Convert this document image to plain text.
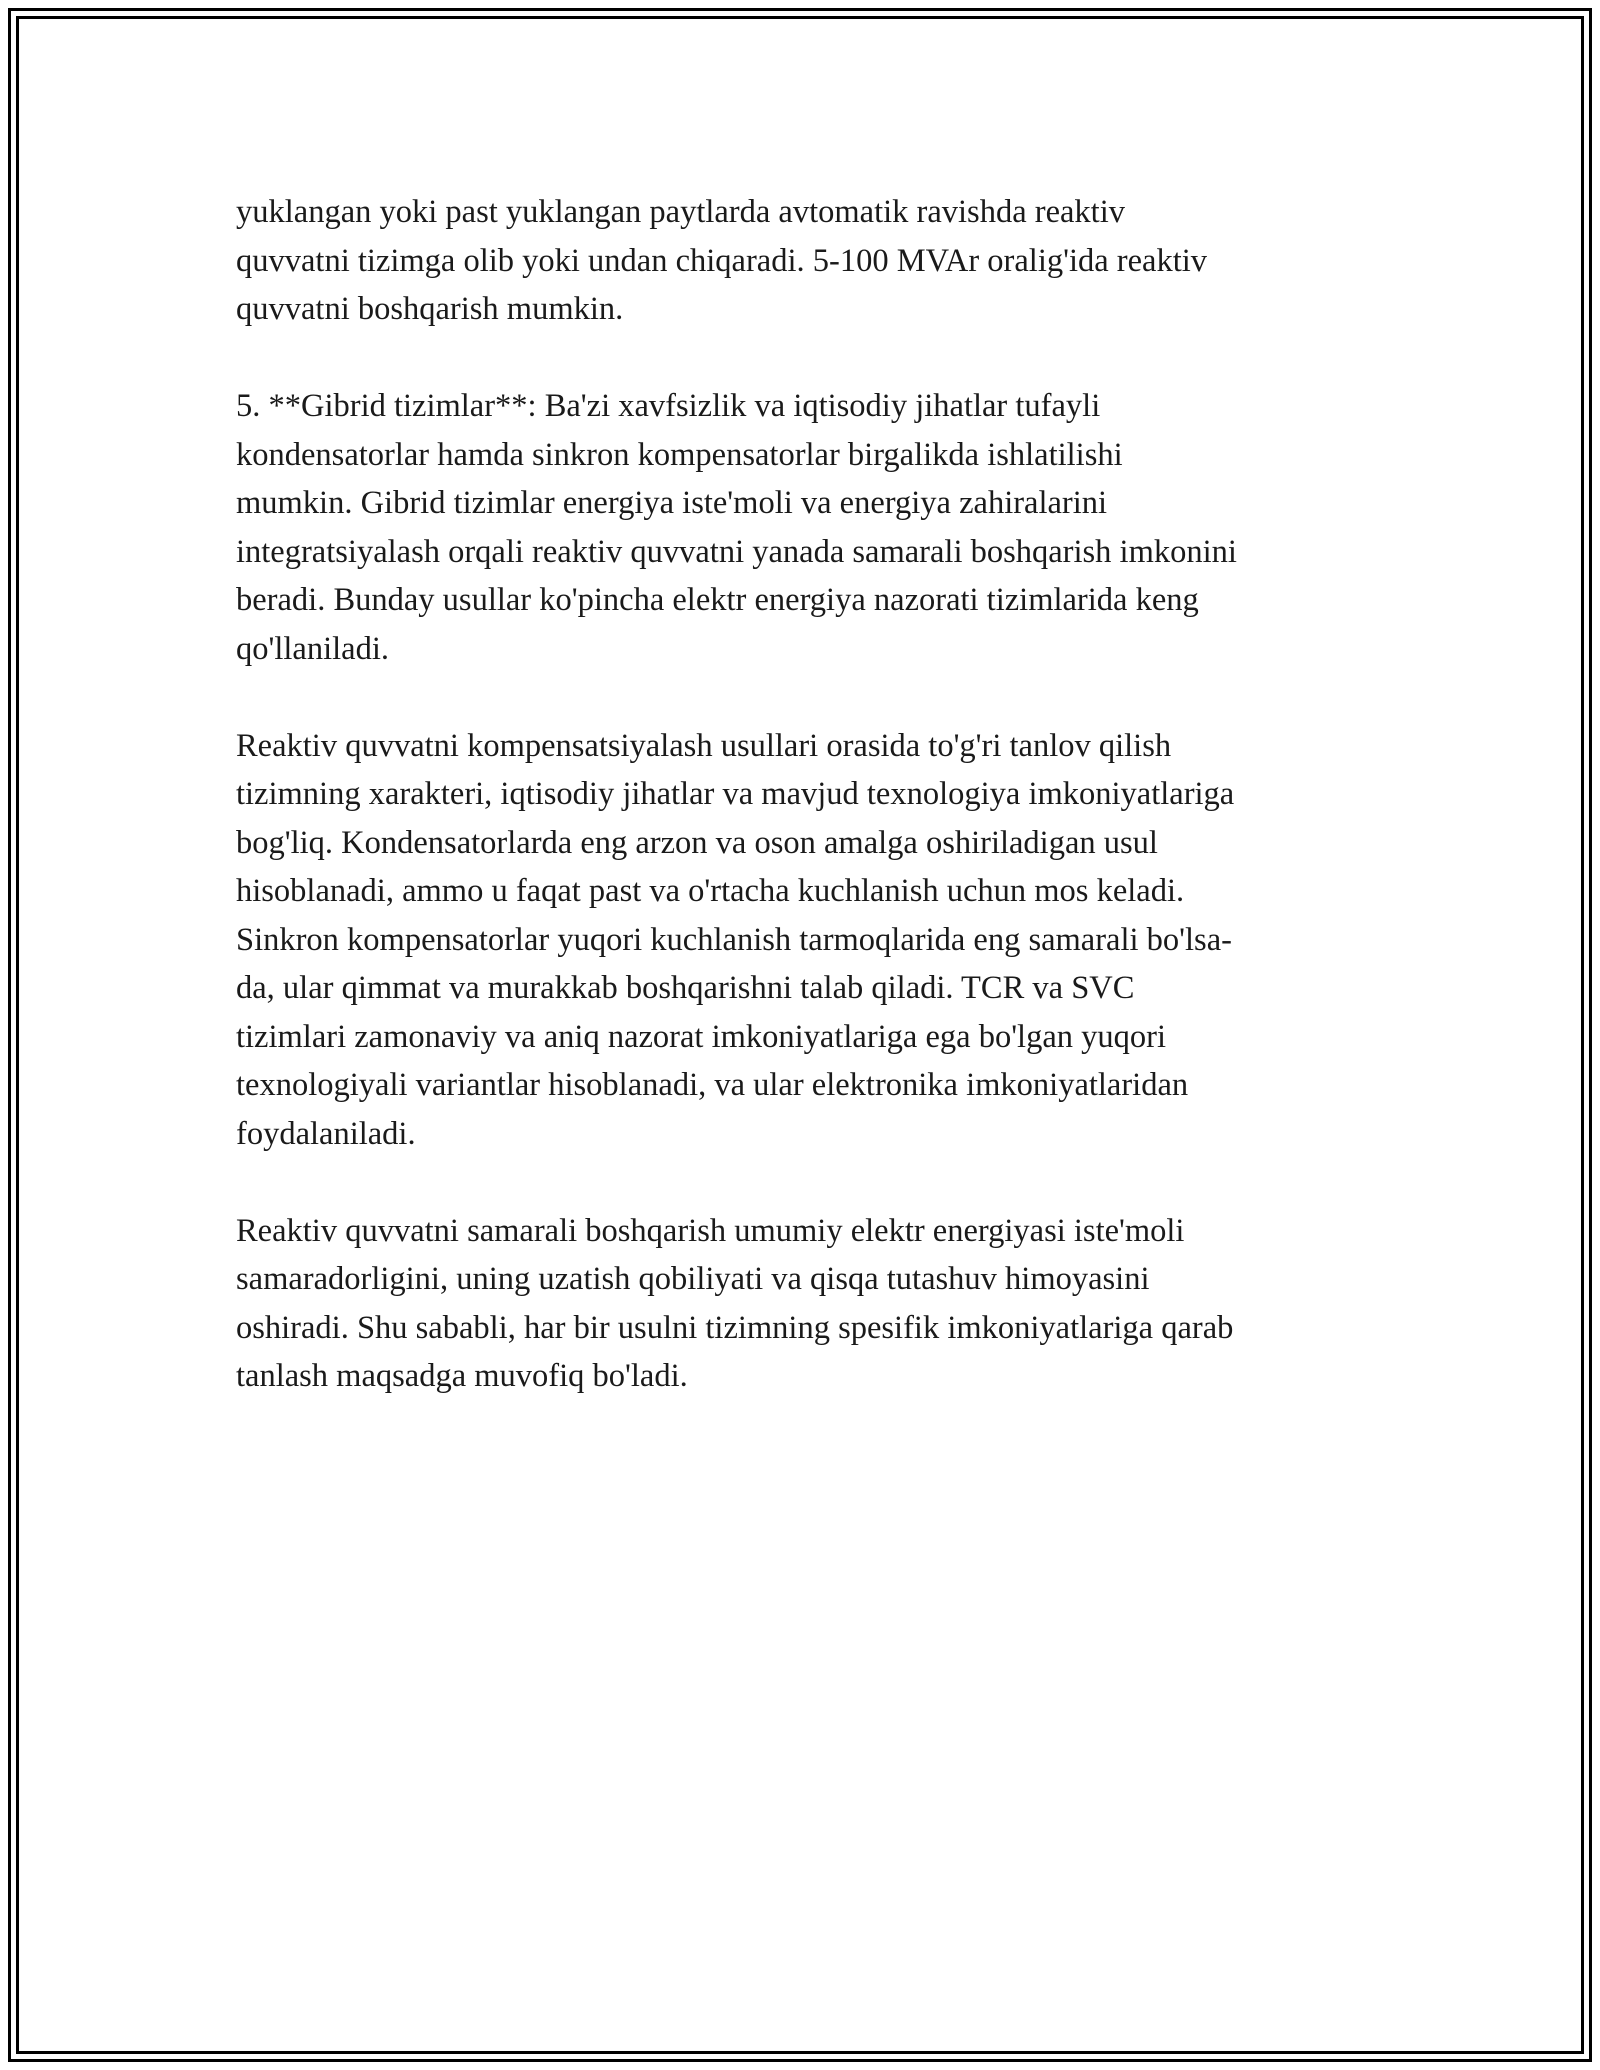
yuklangan yoki past yuklangan paytlarda avtomatik ravishda reaktiv
quvvatni tizimga olib yoki undan chiqaradi. 5-100 MVAr oralig'ida reaktiv
quvvatni boshqarish mumkin.

5. **Gibrid tizimlar**: Ba'zi xavfsizlik va iqtisodiy jihatlar tufayli
kondensatorlar hamda sinkron kompensatorlar birgalikda ishlatilishi
mumkin. Gibrid tizimlar energiya iste'moli va energiya zahiralarini
integratsiyalash orqali reaktiv quvvatni yanada samarali boshqarish imkonini
beradi. Bunday usullar ko'pincha elektr energiya nazorati tizimlarida keng
qo'llaniladi.

Reaktiv quvvatni kompensatsiyalash usullari orasida to'g'ri tanlov qilish
tizimning xarakteri, iqtisodiy jihatlar va mavjud texnologiya imkoniyatlariga
bog'liq. Kondensatorlarda eng arzon va oson amalga oshiriladigan usul
hisoblanadi, ammo u faqat past va o'rtacha kuchlanish uchun mos keladi.
Sinkron kompensatorlar yuqori kuchlanish tarmoqlarida eng samarali bo'lsa-
da, ular qimmat va murakkab boshqarishni talab qiladi. TCR va SVC
tizimlari zamonaviy va aniq nazorat imkoniyatlariga ega bo'lgan yuqori
texnologiyali variantlar hisoblanadi, va ular elektronika imkoniyatlaridan
foydalaniladi.

Reaktiv quvvatni samarali boshqarish umumiy elektr energiyasi iste'moli
samaradorligini, uning uzatish qobiliyati va qisqa tutashuv himoyasini
oshiradi. Shu sababli, har bir usulni tizimning spesifik imkoniyatlariga qarab
tanlash maqsadga muvofiq bo'ladi.
